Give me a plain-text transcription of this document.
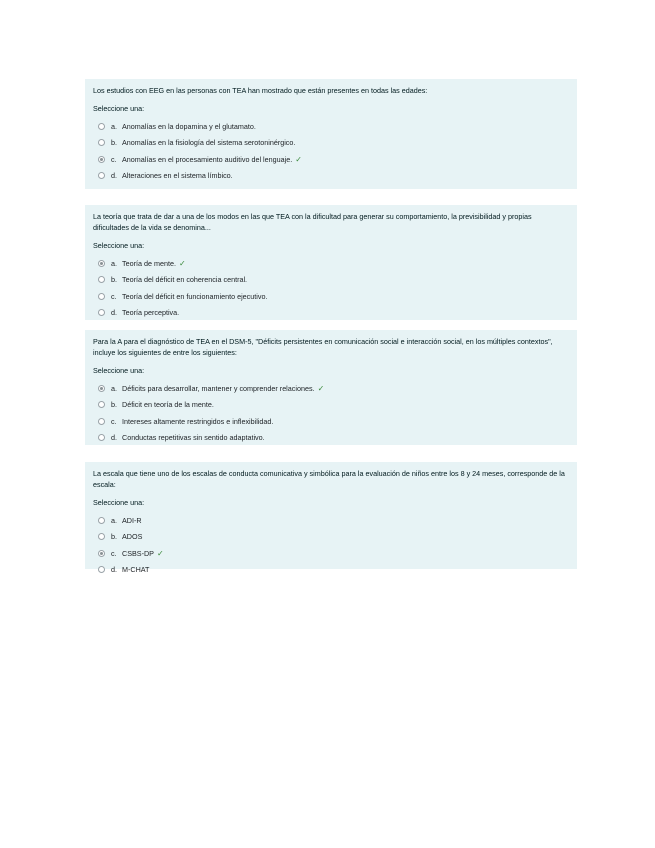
Los estudios con EEG en las personas con TEA han mostrado que están presentes en todas las edades:

Seleccione una:
a. Anomalías en la dopamina y el glutamato.
b. Anomalías en la fisiología del sistema serotoninérgico.
c. Anomalías en el procesamiento auditivo del lenguaje. ✓
d. Alteraciones en el sistema límbico.

La teoría que trata de dar a una de los modos en las que TEA con la dificultad para generar su comportamiento, la previsibilidad y propias dificultades de la vida se denomina...

Seleccione una:
a. Teoría de mente. ✓
b. Teoría del déficit en coherencia central.
c. Teoría del déficit en funcionamiento ejecutivo.
d. Teoría perceptiva.

Para la A para el diagnóstico de TEA en el DSM-5, "Déficits persistentes en comunicación social e interacción social, en los múltiples contextos", incluye los siguientes de entre los siguientes:

Seleccione una:
a. Déficits para desarrollar, mantener y comprender relaciones. ✓
b. Déficit en teoría de la mente.
c. Intereses altamente restringidos e inflexibilidad.
d. Conductas repetitivas sin sentido adaptativo.

La escala que tiene uno de los escalas de conducta comunicativa y simbólica para la evaluación de niños entre los 8 y 24 meses, corresponde de la escala:

Seleccione una:
a. ADI-R
b. ADOS
c. CSBS-DP ✓
d. M-CHAT
